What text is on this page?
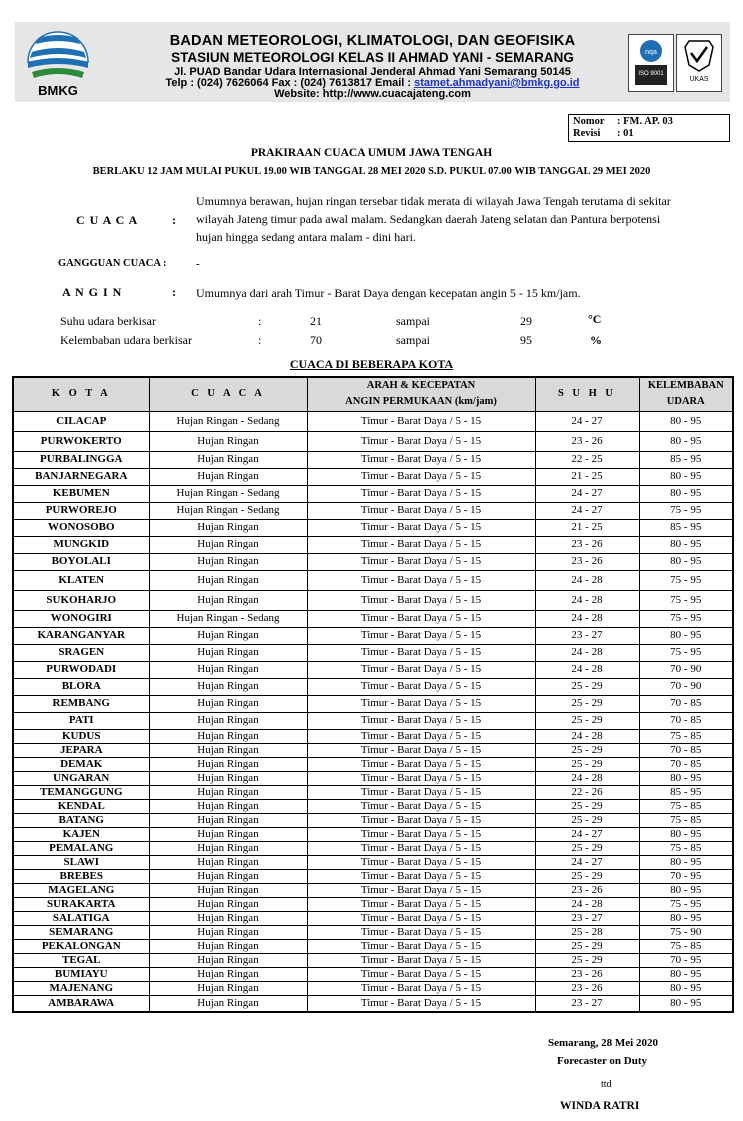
BADAN METEOROLOGI, KLIMATOLOGI, DAN GEOFISIKA
STASIUN METEOROLOGI KELAS II AHMAD YANI - SEMARANG
Jl. PUAD Bandar Udara Internasional Jenderal Ahmad Yani Semarang 50145
Telp : (024) 7626064 Fax : (024) 7613817 Email : stamet.ahmadyani@bmkg.go.id
Website: http://www.cuacajateng.com
BMKG
nqa
ISO 9001
UKAS
Nomor : FM. AP. 03
Revisi : 01
PRAKIRAAN CUACA UMUM JAWA TENGAH
BERLAKU 12 JAM MULAI PUKUL 19.00 WIB TANGGAL 28 MEI 2020 S.D. PUKUL 07.00 WIB TANGGAL 29 MEI 2020
C U A C A	:
Umumnya berawan, hujan ringan tersebar tidak merata di wilayah Jawa Tengah terutama di sekitar
wilayah Jateng timur pada awal malam. Sedangkan daerah Jateng selatan dan Pantura berpotensi
hujan hingga sedang antara malam - dini hari.
GANGGUAN CUACA :	-
A N G I N	: Umumnya dari arah Timur - Barat Daya dengan kecepatan angin 5 - 15 km/jam.
Suhu udara berkisar	:	21	sampai	29	°C
Kelembaban udara berkisar	:	70	sampai	95	%
CUACA DI BEBERAPA KOTA
K O T A	C U A C A	ARAH & KECEPATAN
ANGIN PERMUKAAN (km/jam)	S U H U	KELEMBABAN
UDARA
CILACAP	Hujan Ringan - Sedang	Timur - Barat Daya / 5 - 15	24 - 27	80 - 95
PURWOKERTO	Hujan Ringan	Timur - Barat Daya / 5 - 15	23 - 26	80 - 95
PURBALINGGA	Hujan Ringan	Timur - Barat Daya / 5 - 15	22 - 25	85 - 95
BANJARNEGARA	Hujan Ringan	Timur - Barat Daya / 5 - 15	21 - 25	80 - 95
KEBUMEN	Hujan Ringan - Sedang	Timur - Barat Daya / 5 - 15	24 - 27	80 - 95
PURWOREJO	Hujan Ringan - Sedang	Timur - Barat Daya / 5 - 15	24 - 27	75 - 95
WONOSOBO	Hujan Ringan	Timur - Barat Daya / 5 - 15	21 - 25	85 - 95
MUNGKID	Hujan Ringan	Timur - Barat Daya / 5 - 15	23 - 26	80 - 95
BOYOLALI	Hujan Ringan	Timur - Barat Daya / 5 - 15	23 - 26	80 - 95
KLATEN	Hujan Ringan	Timur - Barat Daya / 5 - 15	24 - 28	75 - 95
SUKOHARJO	Hujan Ringan	Timur - Barat Daya / 5 - 15	24 - 28	75 - 95
WONOGIRI	Hujan Ringan - Sedang	Timur - Barat Daya / 5 - 15	24 - 28	75 - 95
KARANGANYAR	Hujan Ringan	Timur - Barat Daya / 5 - 15	23 - 27	80 - 95
SRAGEN	Hujan Ringan	Timur - Barat Daya / 5 - 15	24 - 28	75 - 95
PURWODADI	Hujan Ringan	Timur - Barat Daya / 5 - 15	24 - 28	70 - 90
BLORA	Hujan Ringan	Timur - Barat Daya / 5 - 15	25 - 29	70 - 90
REMBANG	Hujan Ringan	Timur - Barat Daya / 5 - 15	25 - 29	70 - 85
PATI	Hujan Ringan	Timur - Barat Daya / 5 - 15	25 - 29	70 - 85
KUDUS	Hujan Ringan	Timur - Barat Daya / 5 - 15	24 - 28	75 - 85
JEPARA	Hujan Ringan	Timur - Barat Daya / 5 - 15	25 - 29	70 - 85
DEMAK	Hujan Ringan	Timur - Barat Daya / 5 - 15	25 - 29	70 - 85
UNGARAN	Hujan Ringan	Timur - Barat Daya / 5 - 15	24 - 28	80 - 95
TEMANGGUNG	Hujan Ringan	Timur - Barat Daya / 5 - 15	22 - 26	85 - 95
KENDAL	Hujan Ringan	Timur - Barat Daya / 5 - 15	25 - 29	75 - 85
BATANG	Hujan Ringan	Timur - Barat Daya / 5 - 15	25 - 29	75 - 85
KAJEN	Hujan Ringan	Timur - Barat Daya / 5 - 15	24 - 27	80 - 95
PEMALANG	Hujan Ringan	Timur - Barat Daya / 5 - 15	25 - 29	75 - 85
SLAWI	Hujan Ringan	Timur - Barat Daya / 5 - 15	24 - 27	80 - 95
BREBES	Hujan Ringan	Timur - Barat Daya / 5 - 15	25 - 29	70 - 95
MAGELANG	Hujan Ringan	Timur - Barat Daya / 5 - 15	23 - 26	80 - 95
SURAKARTA	Hujan Ringan	Timur - Barat Daya / 5 - 15	24 - 28	75 - 95
SALATIGA	Hujan Ringan	Timur - Barat Daya / 5 - 15	23 - 27	80 - 95
SEMARANG	Hujan Ringan	Timur - Barat Daya / 5 - 15	25 - 28	75 - 90
PEKALONGAN	Hujan Ringan	Timur - Barat Daya / 5 - 15	25 - 29	75 - 85
TEGAL	Hujan Ringan	Timur - Barat Daya / 5 - 15	25 - 29	70 - 95
BUMIAYU	Hujan Ringan	Timur - Barat Daya / 5 - 15	23 - 26	80 - 95
MAJENANG	Hujan Ringan	Timur - Barat Daya / 5 - 15	23 - 26	80 - 95
AMBARAWA	Hujan Ringan	Timur - Barat Daya / 5 - 15	23 - 27	80 - 95
Semarang, 28 Mei 2020
Forecaster on Duty
ttd
WINDA RATRI
